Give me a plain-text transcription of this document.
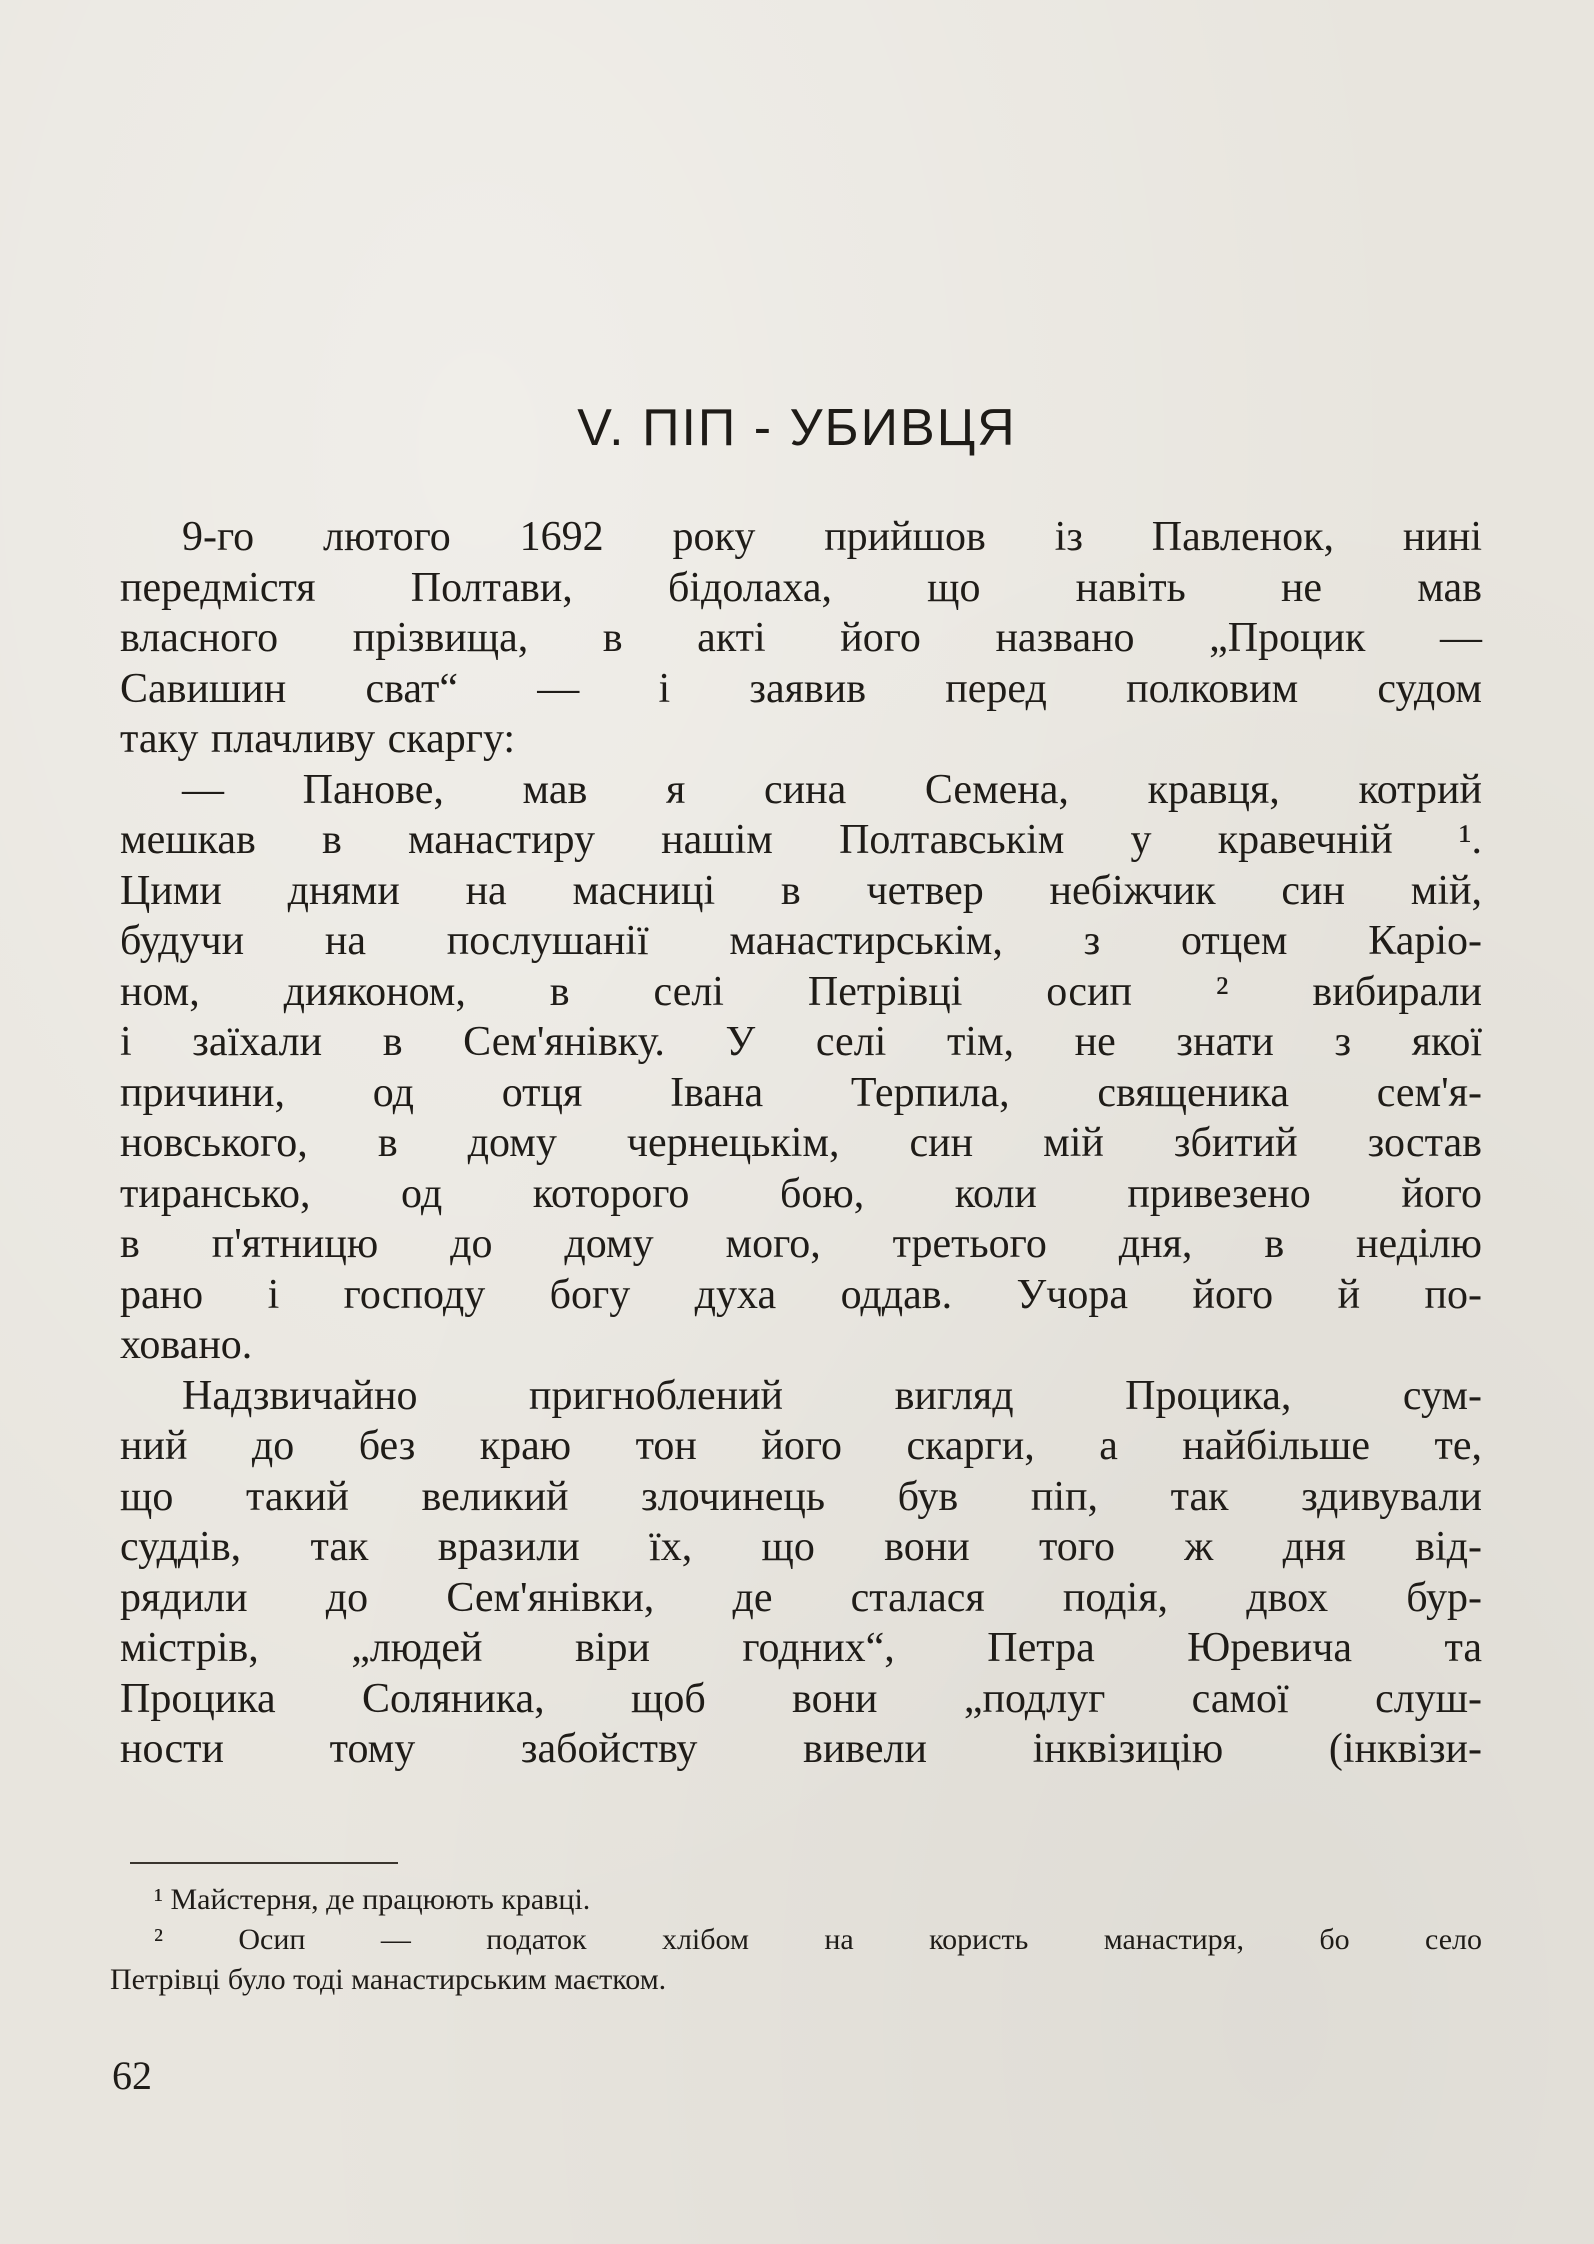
V. ПІП - УБИВЦЯ
9-го лютого 1692 року прийшов із Павленок, нині
передмістя Полтави, бідолаха, що навіть не мав
власного прізвища, в акті його названо „Процик —
Савишин сват“ — і заявив перед полковим судом
таку плачливу скаргу:
— Панове, мав я сина Семена, кравця, котрий
мешкав в манастиру нашім Полтавськім у кравечній ¹.
Цими днями на масниці в четвер небіжчик син мій,
будучи на послушанії манастирськім, з отцем Каріо-
ном, дияконом, в селі Петрівці осип ² вибирали
і заїхали в Сем'янівку. У селі тім, не знати з якої
причини, од отця Івана Терпила, священика сем'я-
новського, в дому чернецькім, син мій збитий зостав
тирансько, од которого бою, коли привезено його
в п'ятницю до дому мого, третього дня, в неділю
рано і господу богу духа оддав. Учора його й по-
ховано.
Надзвичайно пригноблений вигляд Процика, сум-
ний до без краю тон його скарги, а найбільше те,
що такий великий злочинець був піп, так здивували
суддів, так вразили їх, що вони того ж дня від-
рядили до Сем'янівки, де сталася подія, двох бур-
містрів, „людей віри годних“, Петра Юревича та
Процика Соляника, щоб вони „подлуг самої слуш-
ности тому забойству вивели інквізицію (інквізи-
¹ Майстерня, де працюють кравці.
² Осип — податок хлібом на користь манастиря, бо село
Петрівці було тоді манастирським маєтком.
62
